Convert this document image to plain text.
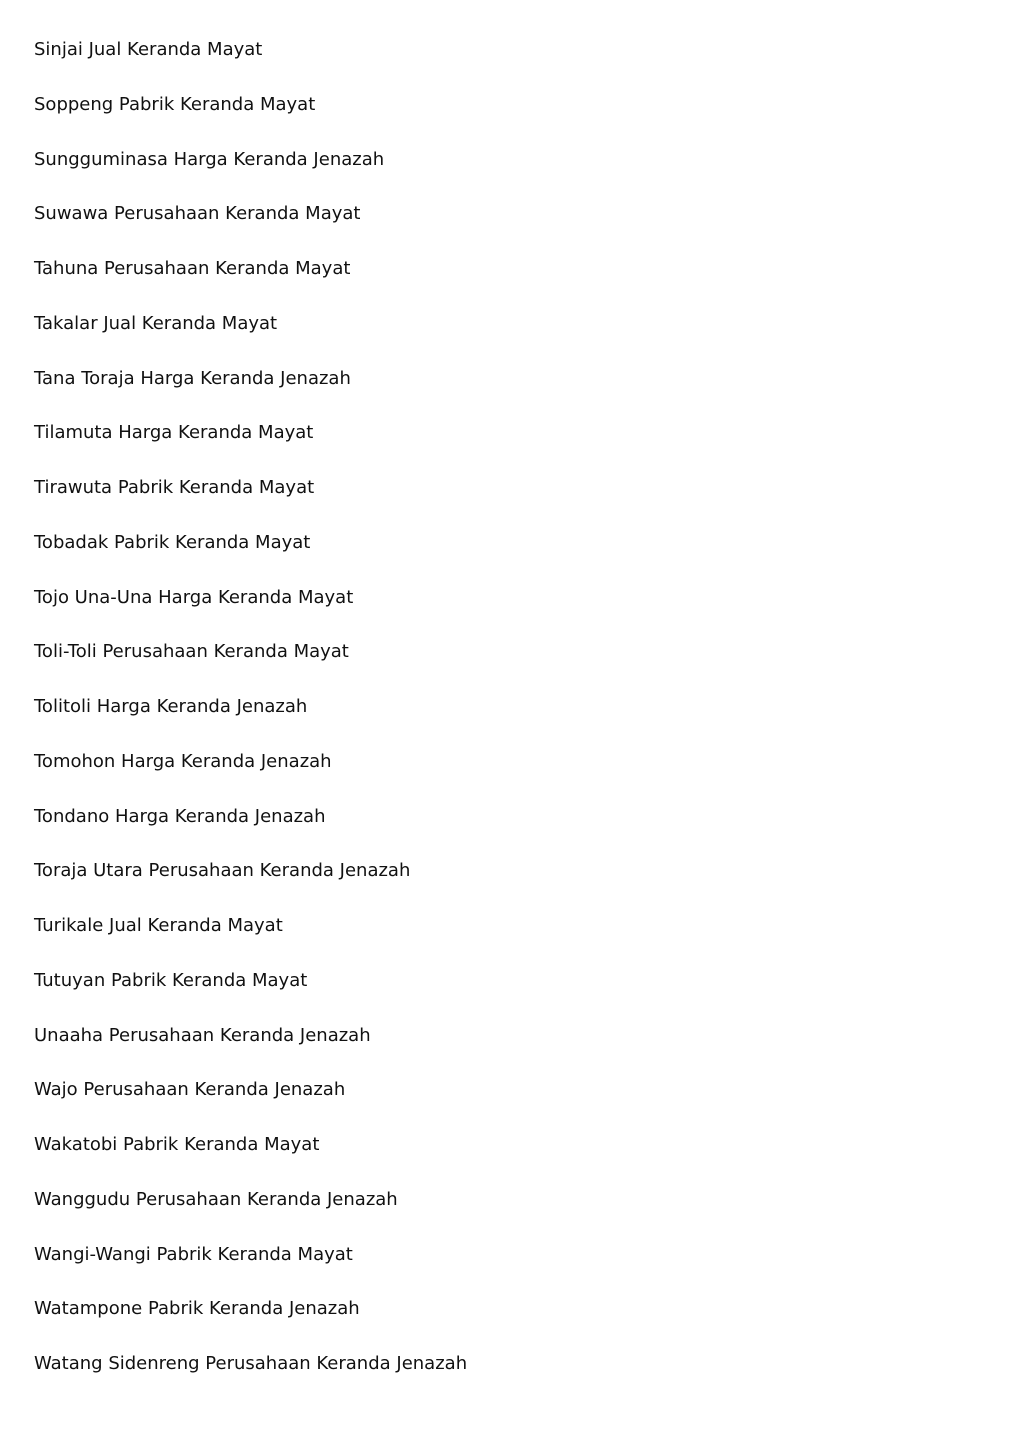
Sinjai Jual Keranda Mayat
Soppeng Pabrik Keranda Mayat
Sungguminasa Harga Keranda Jenazah
Suwawa Perusahaan Keranda Mayat
Tahuna Perusahaan Keranda Mayat
Takalar Jual Keranda Mayat
Tana Toraja Harga Keranda Jenazah
Tilamuta Harga Keranda Mayat
Tirawuta Pabrik Keranda Mayat
Tobadak Pabrik Keranda Mayat
Tojo Una-Una Harga Keranda Mayat
Toli-Toli Perusahaan Keranda Mayat
Tolitoli Harga Keranda Jenazah
Tomohon Harga Keranda Jenazah
Tondano Harga Keranda Jenazah
Toraja Utara Perusahaan Keranda Jenazah
Turikale Jual Keranda Mayat
Tutuyan Pabrik Keranda Mayat
Unaaha Perusahaan Keranda Jenazah
Wajo Perusahaan Keranda Jenazah
Wakatobi Pabrik Keranda Mayat
Wanggudu Perusahaan Keranda Jenazah
Wangi-Wangi Pabrik Keranda Mayat
Watampone Pabrik Keranda Jenazah
Watang Sidenreng Perusahaan Keranda Jenazah
